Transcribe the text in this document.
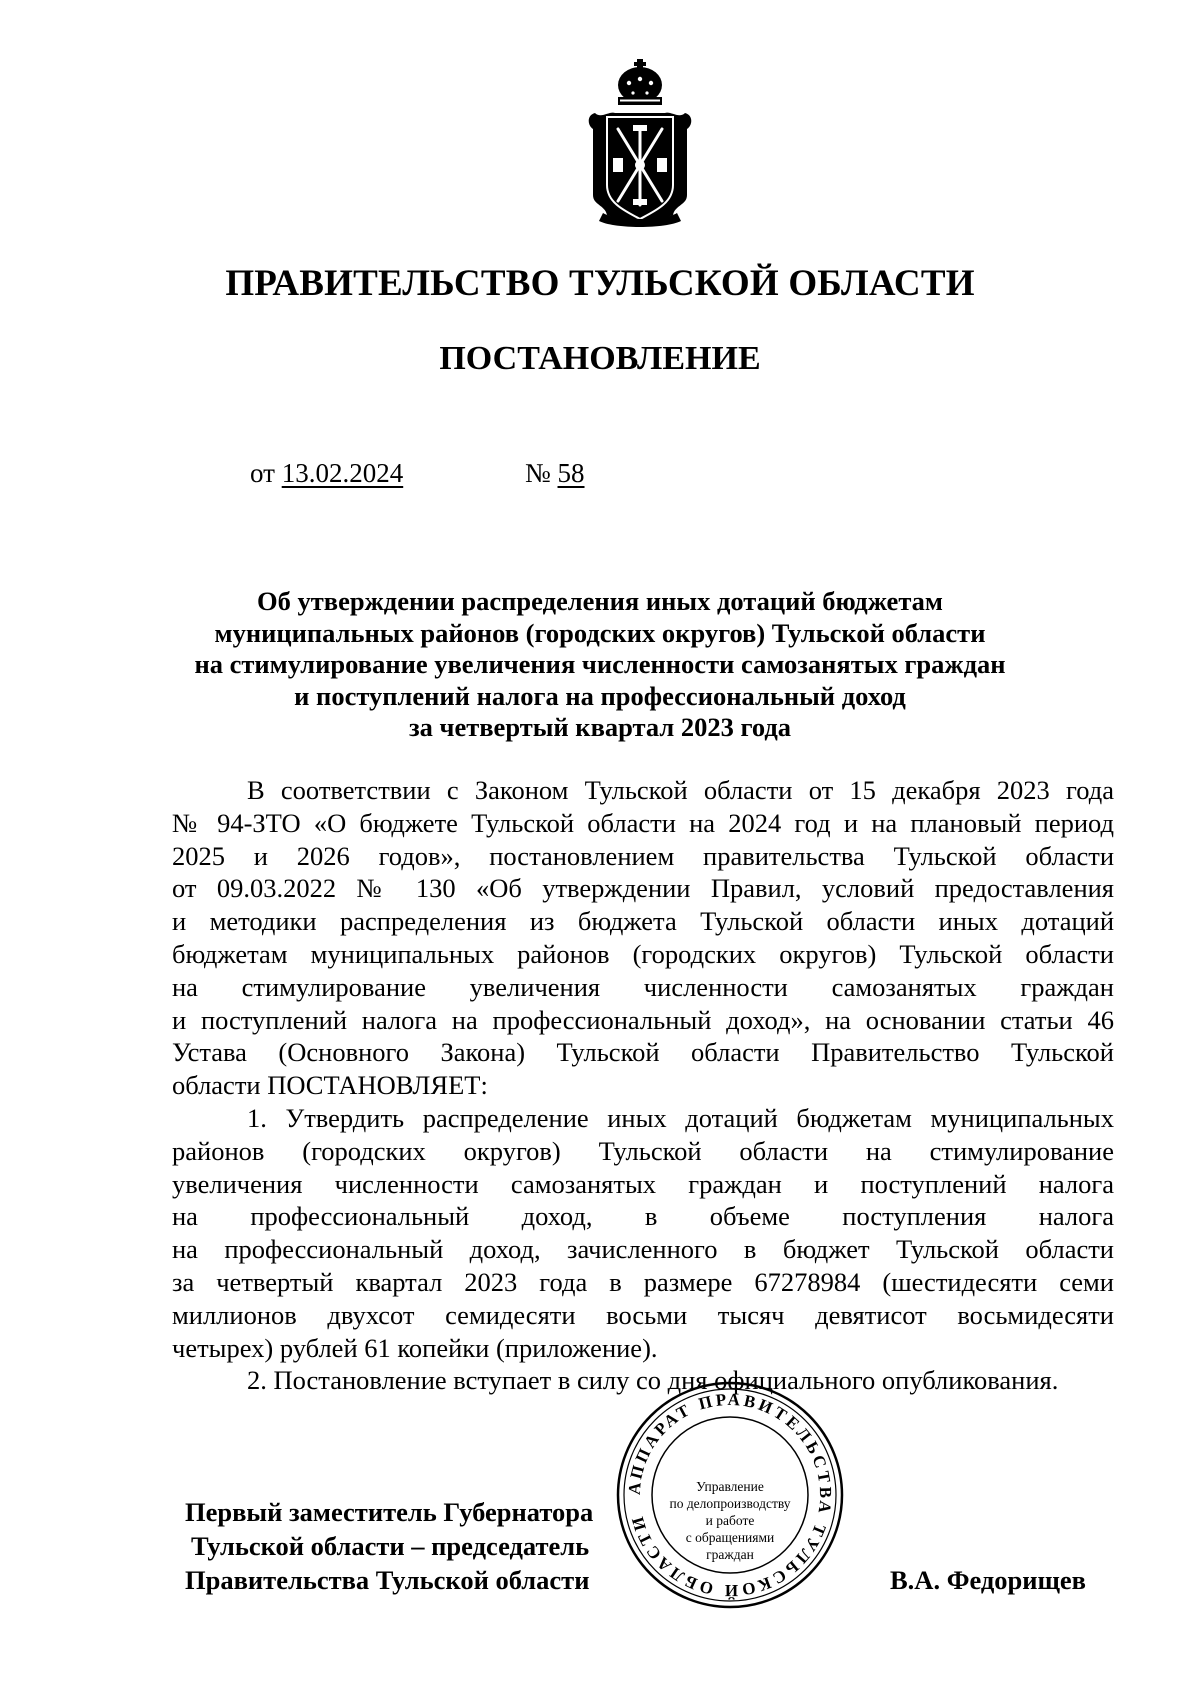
ПРАВИТЕЛЬСТВО ТУЛЬСКОЙ ОБЛАСТИ
ПОСТАНОВЛЕНИЕ
от 13.02.2024	№ 58
Об утверждении распределения иных дотаций бюджетам
муниципальных районов (городских округов) Тульской области
на стимулирование увеличения численности самозанятых граждан
и поступлений налога на профессиональный доход
за четвертый квартал 2023 года
В соответствии с Законом Тульской области от 15 декабря 2023 года
№ 94-ЗТО «О бюджете Тульской области на 2024 год и на плановый период
2025 и 2026 годов», постановлением правительства Тульской области
от 09.03.2022 № 130 «Об утверждении Правил, условий предоставления
и методики распределения из бюджета Тульской области иных дотаций
бюджетам муниципальных районов (городских округов) Тульской области
на стимулирование увеличения численности самозанятых граждан
и поступлений налога на профессиональный доход», на основании статьи 46
Устава (Основного Закона) Тульской области Правительство Тульской
области ПОСТАНОВЛЯЕТ:
1. Утвердить распределение иных дотаций бюджетам муниципальных
районов (городских округов) Тульской области на стимулирование
увеличения численности самозанятых граждан и поступлений налога
на профессиональный доход, в объеме поступления налога
на профессиональный доход, зачисленного в бюджет Тульской области
за четвертый квартал 2023 года в размере 67278984 (шестидесяти семи
миллионов двухсот семидесяти восьми тысяч девятисот восьмидесяти
четырех) рублей 61 копейки (приложение).
2. Постановление вступает в силу со дня официального опубликования.
АППАРАТ ПРАВИТЕЛЬСТВА ТУЛЬСКОЙ ОБЛАСТИ
Управление
по делопроизводству
и работе
с обращениями
граждан
Первый заместитель Губернатора
Тульской области – председатель
Правительства Тульской области	В.А. Федорищев
